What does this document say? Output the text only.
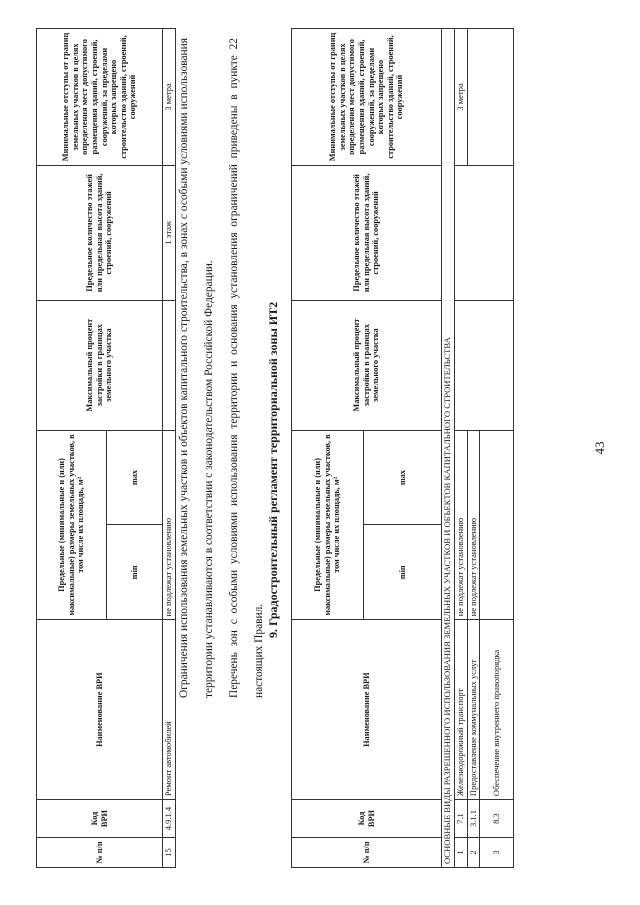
№ п/п	Код ВРИ	Наименование ВРИ	Предельные (минимальные и (или) максимальные) размеры земельных участков, в том числе их площадь, м²		Максимальный процент застройки в границах земельного участка	Предельное количество этажей или предельная высота зданий, строений, сооружений	Минимальные отступы от границ земельных участков в целях определения мест допустимого размещения зданий, строений, сооружений, за пределами которых запрещено строительство зданий, строений, сооружений
			min	max			
15	4.9.1.4	Ремонт автомобилей	не подлежат установлению			1 этаж	3 метра Ограничения использования земельных участков и объектов капитального строительства, в зонах с особыми условиями использования территории устанавливаются в соответствии с законодательством Российской Федерации.	Перечень зон с особыми условиями использования территории и основания установления ограничений приведены в пункте 22 настоящих Правил.

9. Градостроительный регламент территориальной зоны ИТ2
№ п/п	Код ВРИ	Наименование ВРИ	Предельные (минимальные и (или) максимальные) размеры земельных участков, в том числе их площадь, м²		Максимальный процент застройки в границах земельного участка	Предельное количество этажей или предельная высота зданий, строений, сооружений	Минимальные отступы от границ земельных участков в целях определения мест допустимого размещения зданий, строений, сооружений, за пределами которых запрещено строительство зданий, строений, сооружений
			min	max			
ОСНОВНЫЕ ВИДЫ РАЗРЕШЕННОГО ИСПОЛЬЗОВАНИЯ ЗЕМЕЛЬНЫХ УЧАСТКОВ И ОБЪЕКТОВ КАПИТАЛЬНОГО СТРОИТЕЛЬСТВА							
1	7.1	Железнодорожный транспорт	не подлежат установлению				3 метра
2	3.1.1	Предоставление коммунальных услуг	не подлежат установлению				
3	8.3	Обеспечение внутреннего правопорядка					
43
